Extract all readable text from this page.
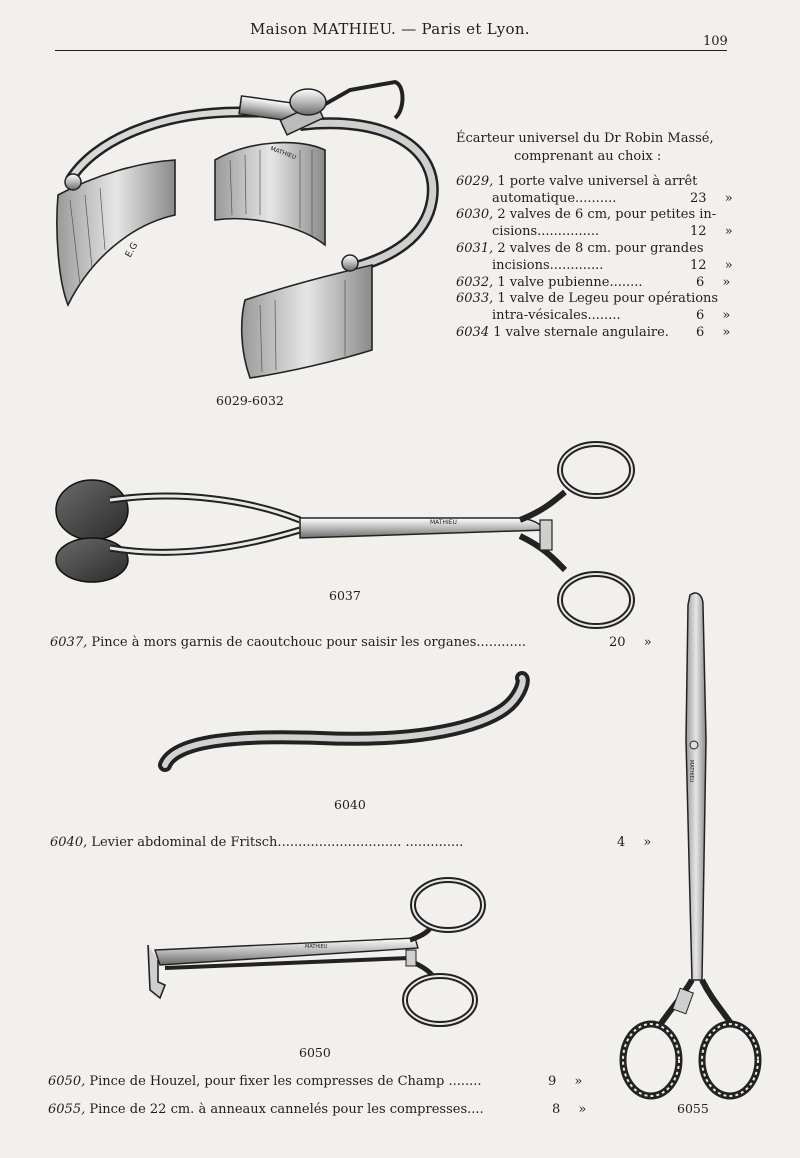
Maison MATHIEU. — Paris et Lyon.
109
MATHIEU
E.G
MATHIEU
MATHIEU
MATHIEU
Écarteur universel du Dr Robin Massé,
comprenant au choix :
6029, 1 porte valve universel à arrêt
automatique..........	23 »
6030, 2 valves de 6 cm, pour petites in-
cisions...............	12 »
6031, 2 valves de 8 cm. pour grandes
incisions.............	12 »
6032, 1 valve pubienne........	6 »
6033, 1 valve de Legeu pour opérations
intra-vésicales........	6 »
6034 1 valve sternale angulaire. 6 »
6029-6032
6037
6037, Pince à mors garnis de caoutchouc pour saisir les organes............	20 »
6040
6040, Levier abdominal de Fritsch.............................. ..............	4 »
6050
6050, Pince de Houzel, pour fixer les compresses de Champ ........	9 »
6055, Pince de 22 cm. à anneaux cannelés pour les compresses....	8 »	6055
